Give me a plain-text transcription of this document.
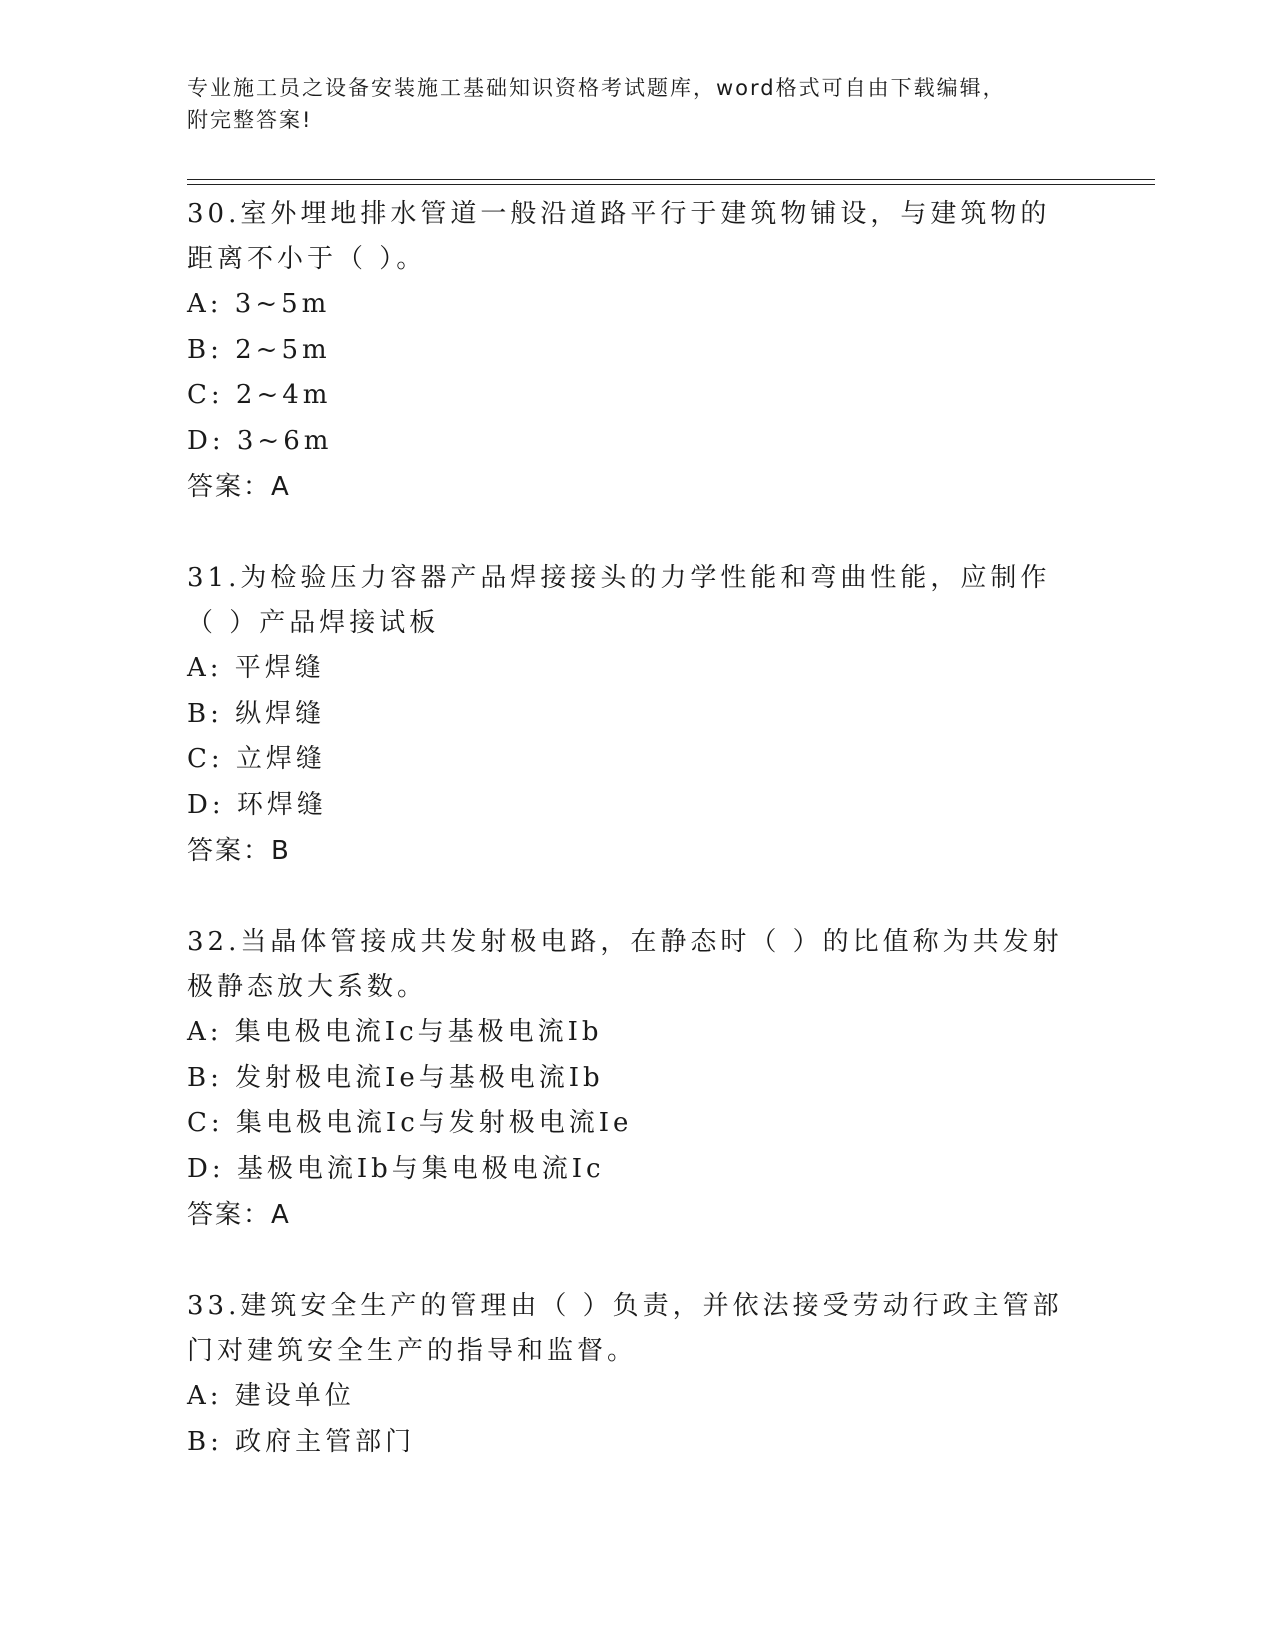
专业施工员之设备安装施工基础知识资格考试题库，word格式可自由下载编辑，
附完整答案!
30.室外埋地排水管道一般沿道路平行于建筑物铺设，与建筑物的距离不小于（ ）。
A: 3~5m
B: 2~5m
C: 2~4m
D: 3~6m
答案：A
31.为检验压力容器产品焊接接头的力学性能和弯曲性能，应制作（ ）产品焊接试板
A: 平焊缝
B: 纵焊缝
C: 立焊缝
D: 环焊缝
答案：B
32.当晶体管接成共发射极电路，在静态时（ ）的比值称为共发射极静态放大系数。
A: 集电极电流Ic与基极电流Ib
B: 发射极电流Ie与基极电流Ib
C: 集电极电流Ic与发射极电流Ie
D: 基极电流Ib与集电极电流Ic
答案：A
33.建筑安全生产的管理由（ ）负责，并依法接受劳动行政主管部门对建筑安全生产的指导和监督。
A: 建设单位
B: 政府主管部门
